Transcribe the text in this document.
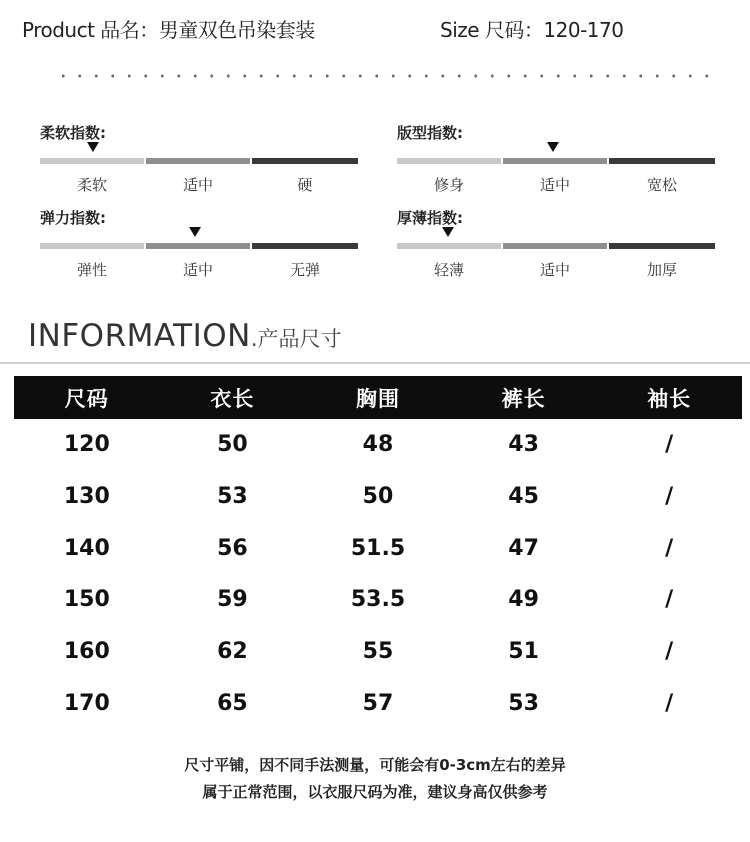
Product 品名：男童双色吊染套装	Size 尺码：120-170
柔软指数:
柔软	适中	硬
版型指数:
修身	适中	宽松
弹力指数:
弹性	适中	无弹
厚薄指数:
轻薄	适中	加厚
INFORMATION.产品尺寸
尺码	衣长	胸围	裤长	袖长
120	50	48	43	/
130	53	50	45	/
140	56	51.5	47	/
150	59	53.5	49	/
160	62	55	51	/
170	65	57	53	/
尺寸平铺，因不同手法测量，可能会有0-3cm左右的差异
属于正常范围，以衣服尺码为准，建议身高仅供参考
